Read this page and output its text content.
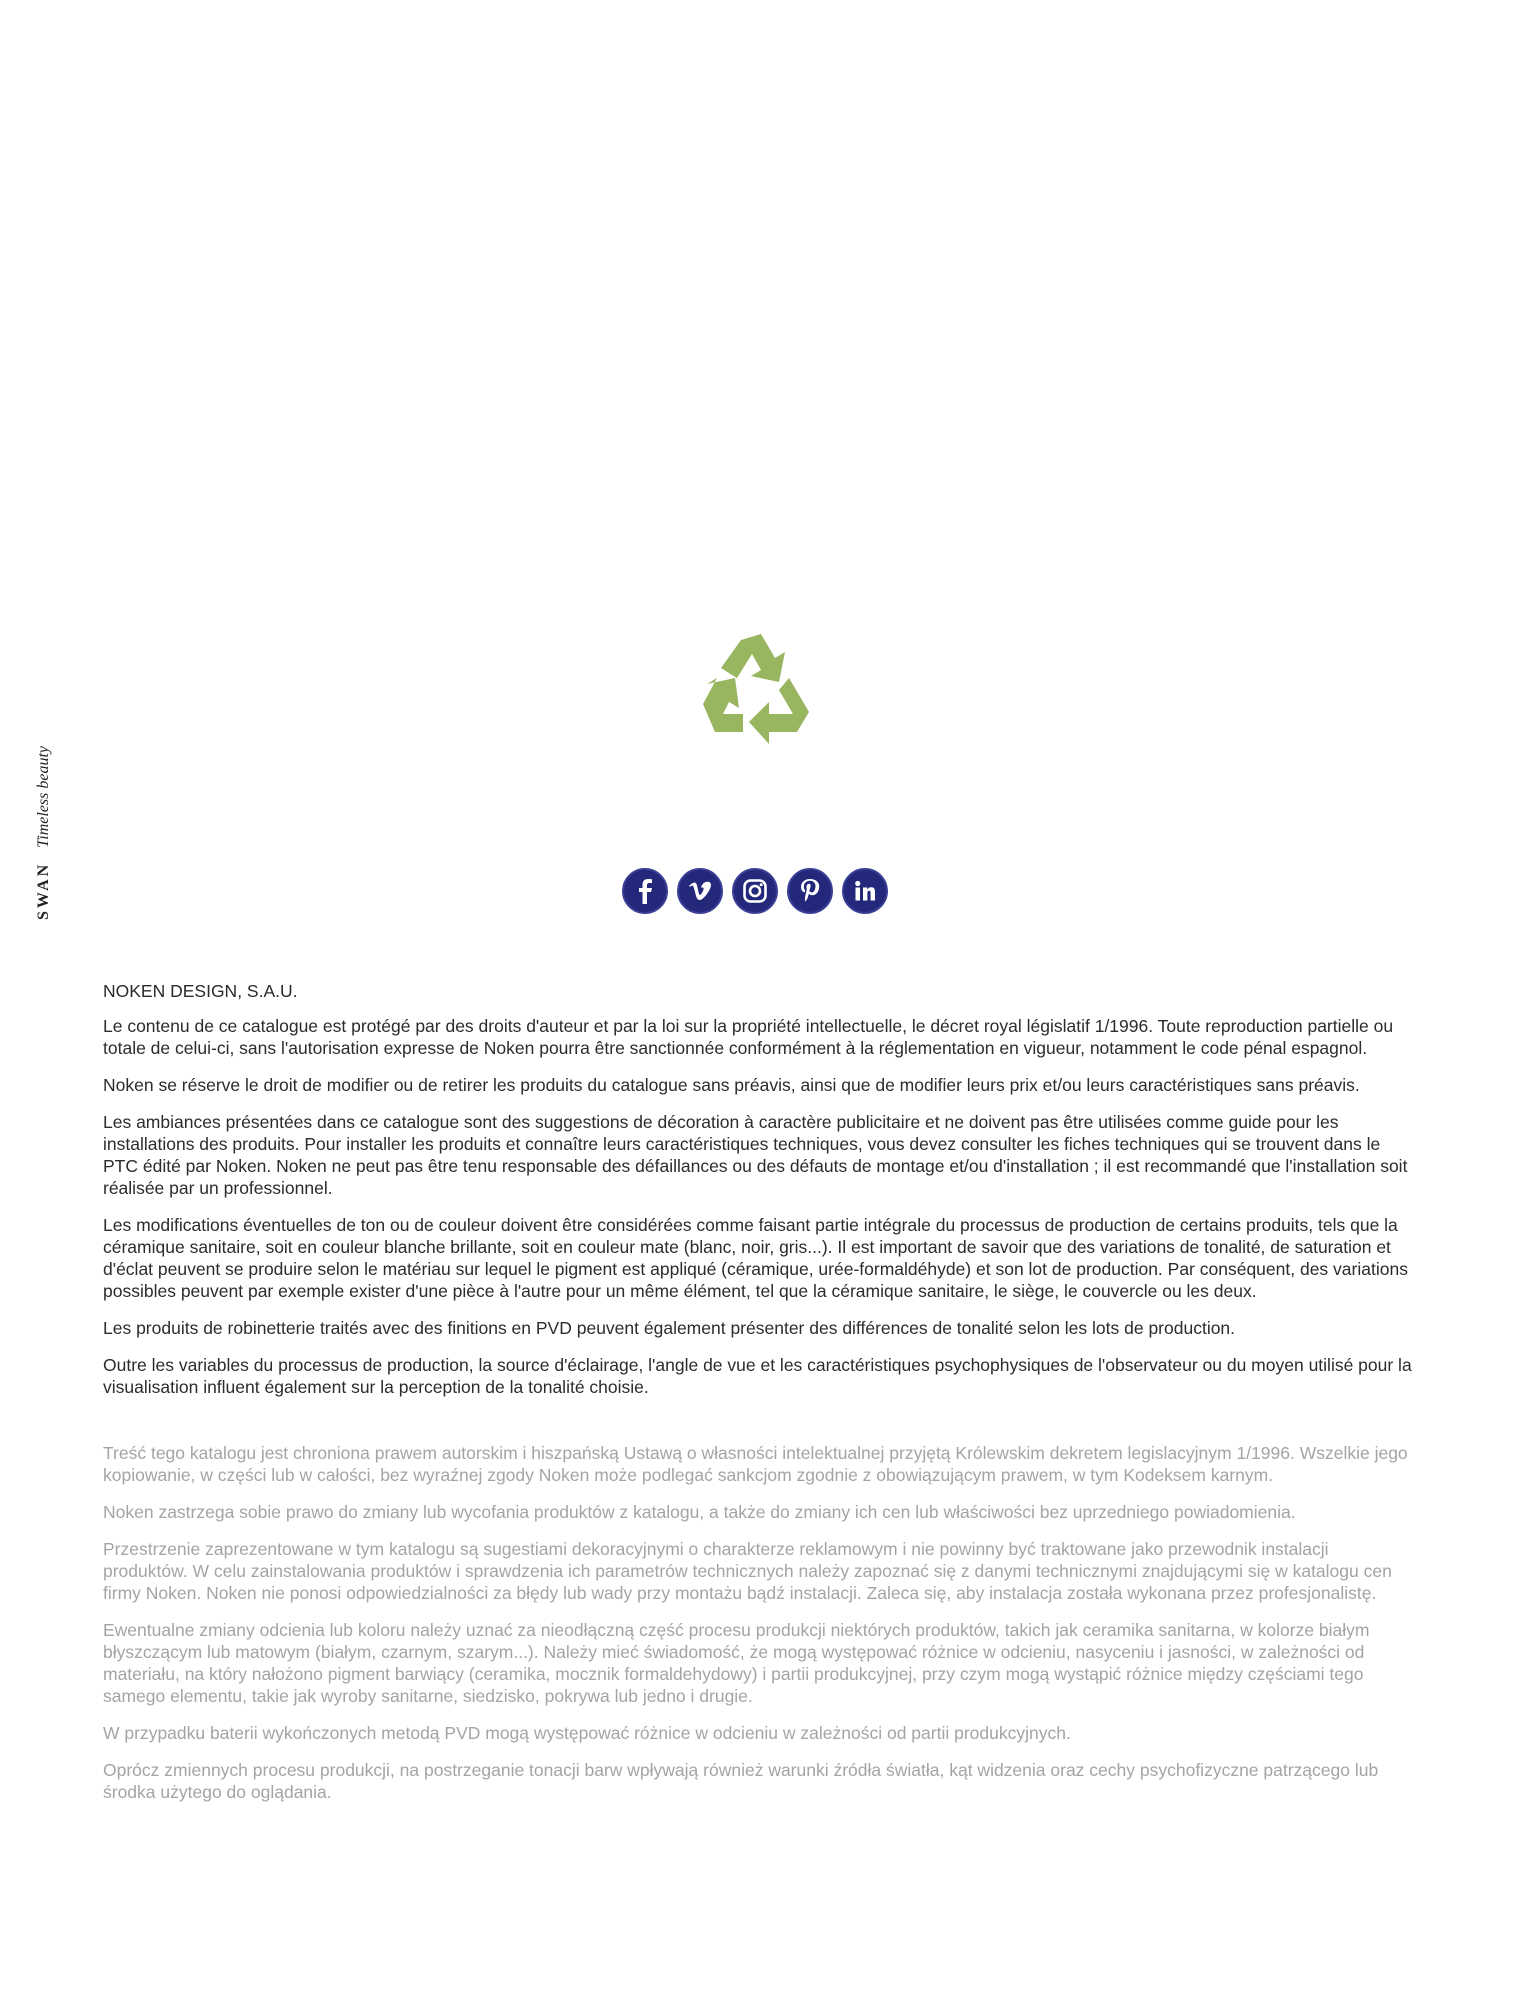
SWAN Timeless beauty
NOKEN DESIGN, S.A.U.

Le contenu de ce catalogue est protégé par des droits d'auteur et par la loi sur la propriété intellectuelle, le décret royal législatif 1/1996. Toute reproduction partielle ou totale de celui-ci, sans l'autorisation expresse de Noken pourra être sanctionnée conformément à la réglementation en vigueur, notamment le code pénal espagnol.

Noken se réserve le droit de modifier ou de retirer les produits du catalogue sans préavis, ainsi que de modifier leurs prix et/ou leurs caractéristiques sans préavis.

Les ambiances présentées dans ce catalogue sont des suggestions de décoration à caractère publicitaire et ne doivent pas être utilisées comme guide pour les installations des produits. Pour installer les produits et connaître leurs caractéristiques techniques, vous devez consulter les fiches techniques qui se trouvent dans le PTC édité par Noken. Noken ne peut pas être tenu responsable des défaillances ou des défauts de montage et/ou d'installation ; il est recommandé que l'installation soit réalisée par un professionnel.

Les modifications éventuelles de ton ou de couleur doivent être considérées comme faisant partie intégrale du processus de production de certains produits, tels que la céramique sanitaire, soit en couleur blanche brillante, soit en couleur mate (blanc, noir, gris...). Il est important de savoir que des variations de tonalité, de saturation et d'éclat peuvent se produire selon le matériau sur lequel le pigment est appliqué (céramique, urée-formaldéhyde) et son lot de production. Par conséquent, des variations possibles peuvent par exemple exister d'une pièce à l'autre pour un même élément, tel que la céramique sanitaire, le siège, le couvercle ou les deux.

Les produits de robinetterie traités avec des finitions en PVD peuvent également présenter des différences de tonalité selon les lots de production.

Outre les variables du processus de production, la source d'éclairage, l'angle de vue et les caractéristiques psychophysiques de l'observateur ou du moyen utilisé pour la visualisation influent également sur la perception de la tonalité choisie.

Treść tego katalogu jest chroniona prawem autorskim i hiszpańską Ustawą o własności intelektualnej przyjętą Królewskim dekretem legislacyjnym 1/1996. Wszelkie jego kopiowanie, w części lub w całości, bez wyraźnej zgody Noken może podlegać sankcjom zgodnie z obowiązującym prawem, w tym Kodeksem karnym.

Noken zastrzega sobie prawo do zmiany lub wycofania produktów z katalogu, a także do zmiany ich cen lub właściwości bez uprzedniego powiadomienia.

Przestrzenie zaprezentowane w tym katalogu są sugestiami dekoracyjnymi o charakterze reklamowym i nie powinny być traktowane jako przewodnik instalacji produktów. W celu zainstalowania produktów i sprawdzenia ich parametrów technicznych należy zapoznać się z danymi technicznymi znajdującymi się w katalogu cen firmy Noken. Noken nie ponosi odpowiedzialności za błędy lub wady przy montażu bądź instalacji. Zaleca się, aby instalacja została wykonana przez profesjonalistę.

Ewentualne zmiany odcienia lub koloru należy uznać za nieodłączną część procesu produkcji niektórych produktów, takich jak ceramika sanitarna, w kolorze białym błyszczącym lub matowym (białym, czarnym, szarym...). Należy mieć świadomość, że mogą występować różnice w odcieniu, nasyceniu i jasności, w zależności od materiału, na który nałożono pigment barwiący (ceramika, mocznik formaldehydowy) i partii produkcyjnej, przy czym mogą wystąpić różnice między częściami tego samego elementu, takie jak wyroby sanitarne, siedzisko, pokrywa lub jedno i drugie.

W przypadku baterii wykończonych metodą PVD mogą występować różnice w odcieniu w zależności od partii produkcyjnych.

Oprócz zmiennych procesu produkcji, na postrzeganie tonacji barw wpływają również warunki źródła światła, kąt widzenia oraz cechy psychofizyczne patrzącego lub środka użytego do oglądania.
